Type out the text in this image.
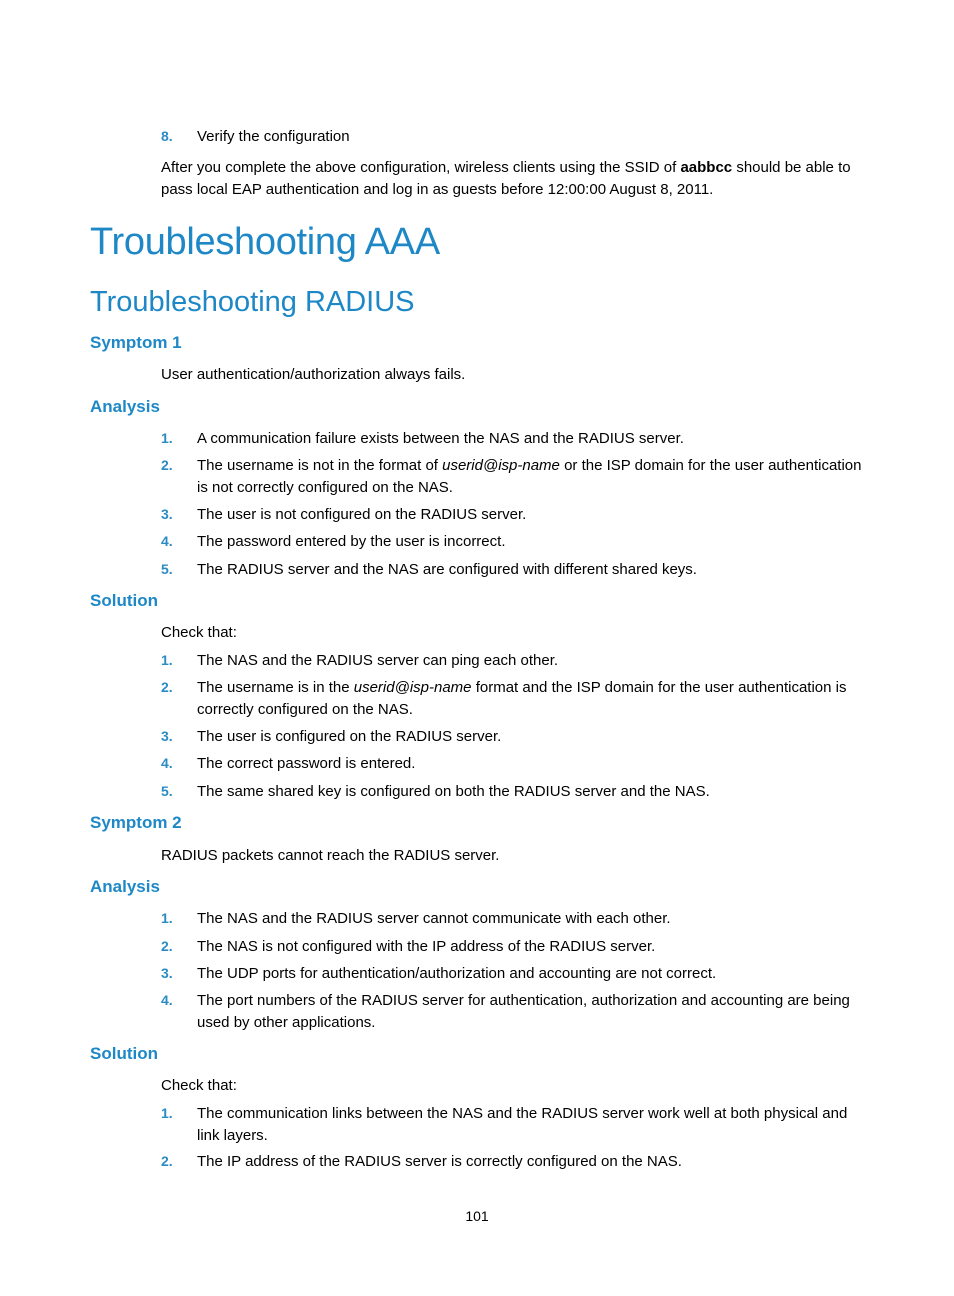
8. Verify the configuration
After you complete the above configuration, wireless clients using the SSID of aabbcc should be able to pass local EAP authentication and log in as guests before 12:00:00 August 8, 2011.
Troubleshooting AAA
Troubleshooting RADIUS
Symptom 1
User authentication/authorization always fails.
Analysis
1. A communication failure exists between the NAS and the RADIUS server.
2. The username is not in the format of userid@isp-name or the ISP domain for the user authentication is not correctly configured on the NAS.
3. The user is not configured on the RADIUS server.
4. The password entered by the user is incorrect.
5. The RADIUS server and the NAS are configured with different shared keys.
Solution
Check that:
1. The NAS and the RADIUS server can ping each other.
2. The username is in the userid@isp-name format and the ISP domain for the user authentication is correctly configured on the NAS.
3. The user is configured on the RADIUS server.
4. The correct password is entered.
5. The same shared key is configured on both the RADIUS server and the NAS.
Symptom 2
RADIUS packets cannot reach the RADIUS server.
Analysis
1. The NAS and the RADIUS server cannot communicate with each other.
2. The NAS is not configured with the IP address of the RADIUS server.
3. The UDP ports for authentication/authorization and accounting are not correct.
4. The port numbers of the RADIUS server for authentication, authorization and accounting are being used by other applications.
Solution
Check that:
1. The communication links between the NAS and the RADIUS server work well at both physical and link layers.
2. The IP address of the RADIUS server is correctly configured on the NAS.
101
